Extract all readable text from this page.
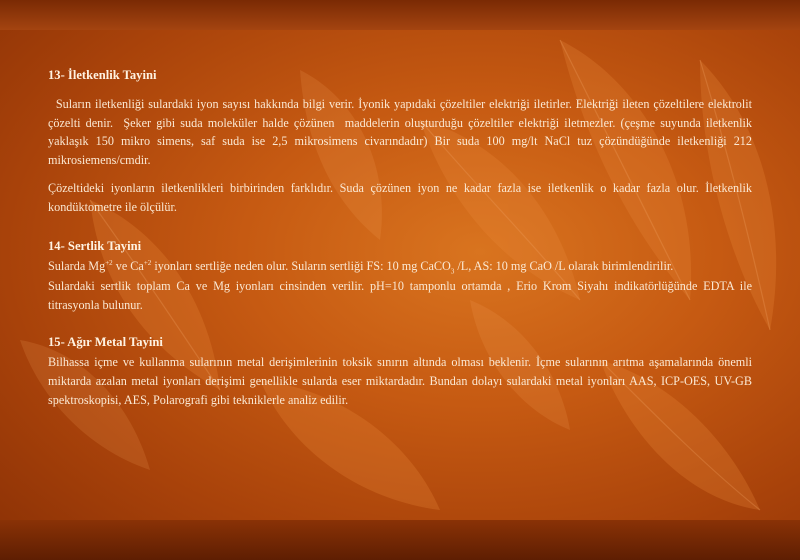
13- İletkenlik Tayini

Suların iletkenliği sulardaki iyon sayısı hakkında bilgi verir. İyonik yapıdaki çözeltiler elektriği iletirler. Elektriği ileten çözeltilere elektrolit çözelti denir.  Şeker gibi suda moleküler halde çözünen  maddelerin oluşturduğu çözeltiler elektriği iletmezler. (çeşme suyunda iletkenlik yaklaşık 150 mikro simens, saf suda ise 2,5 mikrosimens civarındadır) Bir suda 100 mg/lt NaCl tuz çözündüğünde iletkenliği 212 mikrosiemens/cmdir.

Çözeltideki iyonların iletkenlikleri birbirinden farklıdır. Suda çözünen iyon ne kadar fazla ise iletkenlik o kadar fazla olur. İletkenlik kondüktometre ile ölçülür.

14- Sertlik Tayini

Sularda $Mg^{+2}$ ve $Ca^{+2}$ iyonları sertliğe neden olur. Suların sertliği FS: 10 mg CaCO$_3$ /L, AS: 10 mg CaO /L olarak birimlendirilir.

Sulardaki sertlik toplam Ca ve Mg iyonları cinsinden verilir. pH=10 tamponlu ortamda , Erio Krom Siyahı indikatörlüğünde EDTA ile titrasyonla bulunur.

15- Ağır Metal Tayini

Bilhassa içme ve kullanma sularının metal derişimlerinin toksik sınırın altında olması beklenir. İçme sularının arıtma aşamalarında önemli miktarda azalan metal iyonları derişimi genellikle sularda eser miktardadır. Bundan dolayı sulardaki metal iyonları AAS, ICP-OES, UV-GB spektroskopisi, AES, Polarografi gibi tekniklerle analiz edilir.
